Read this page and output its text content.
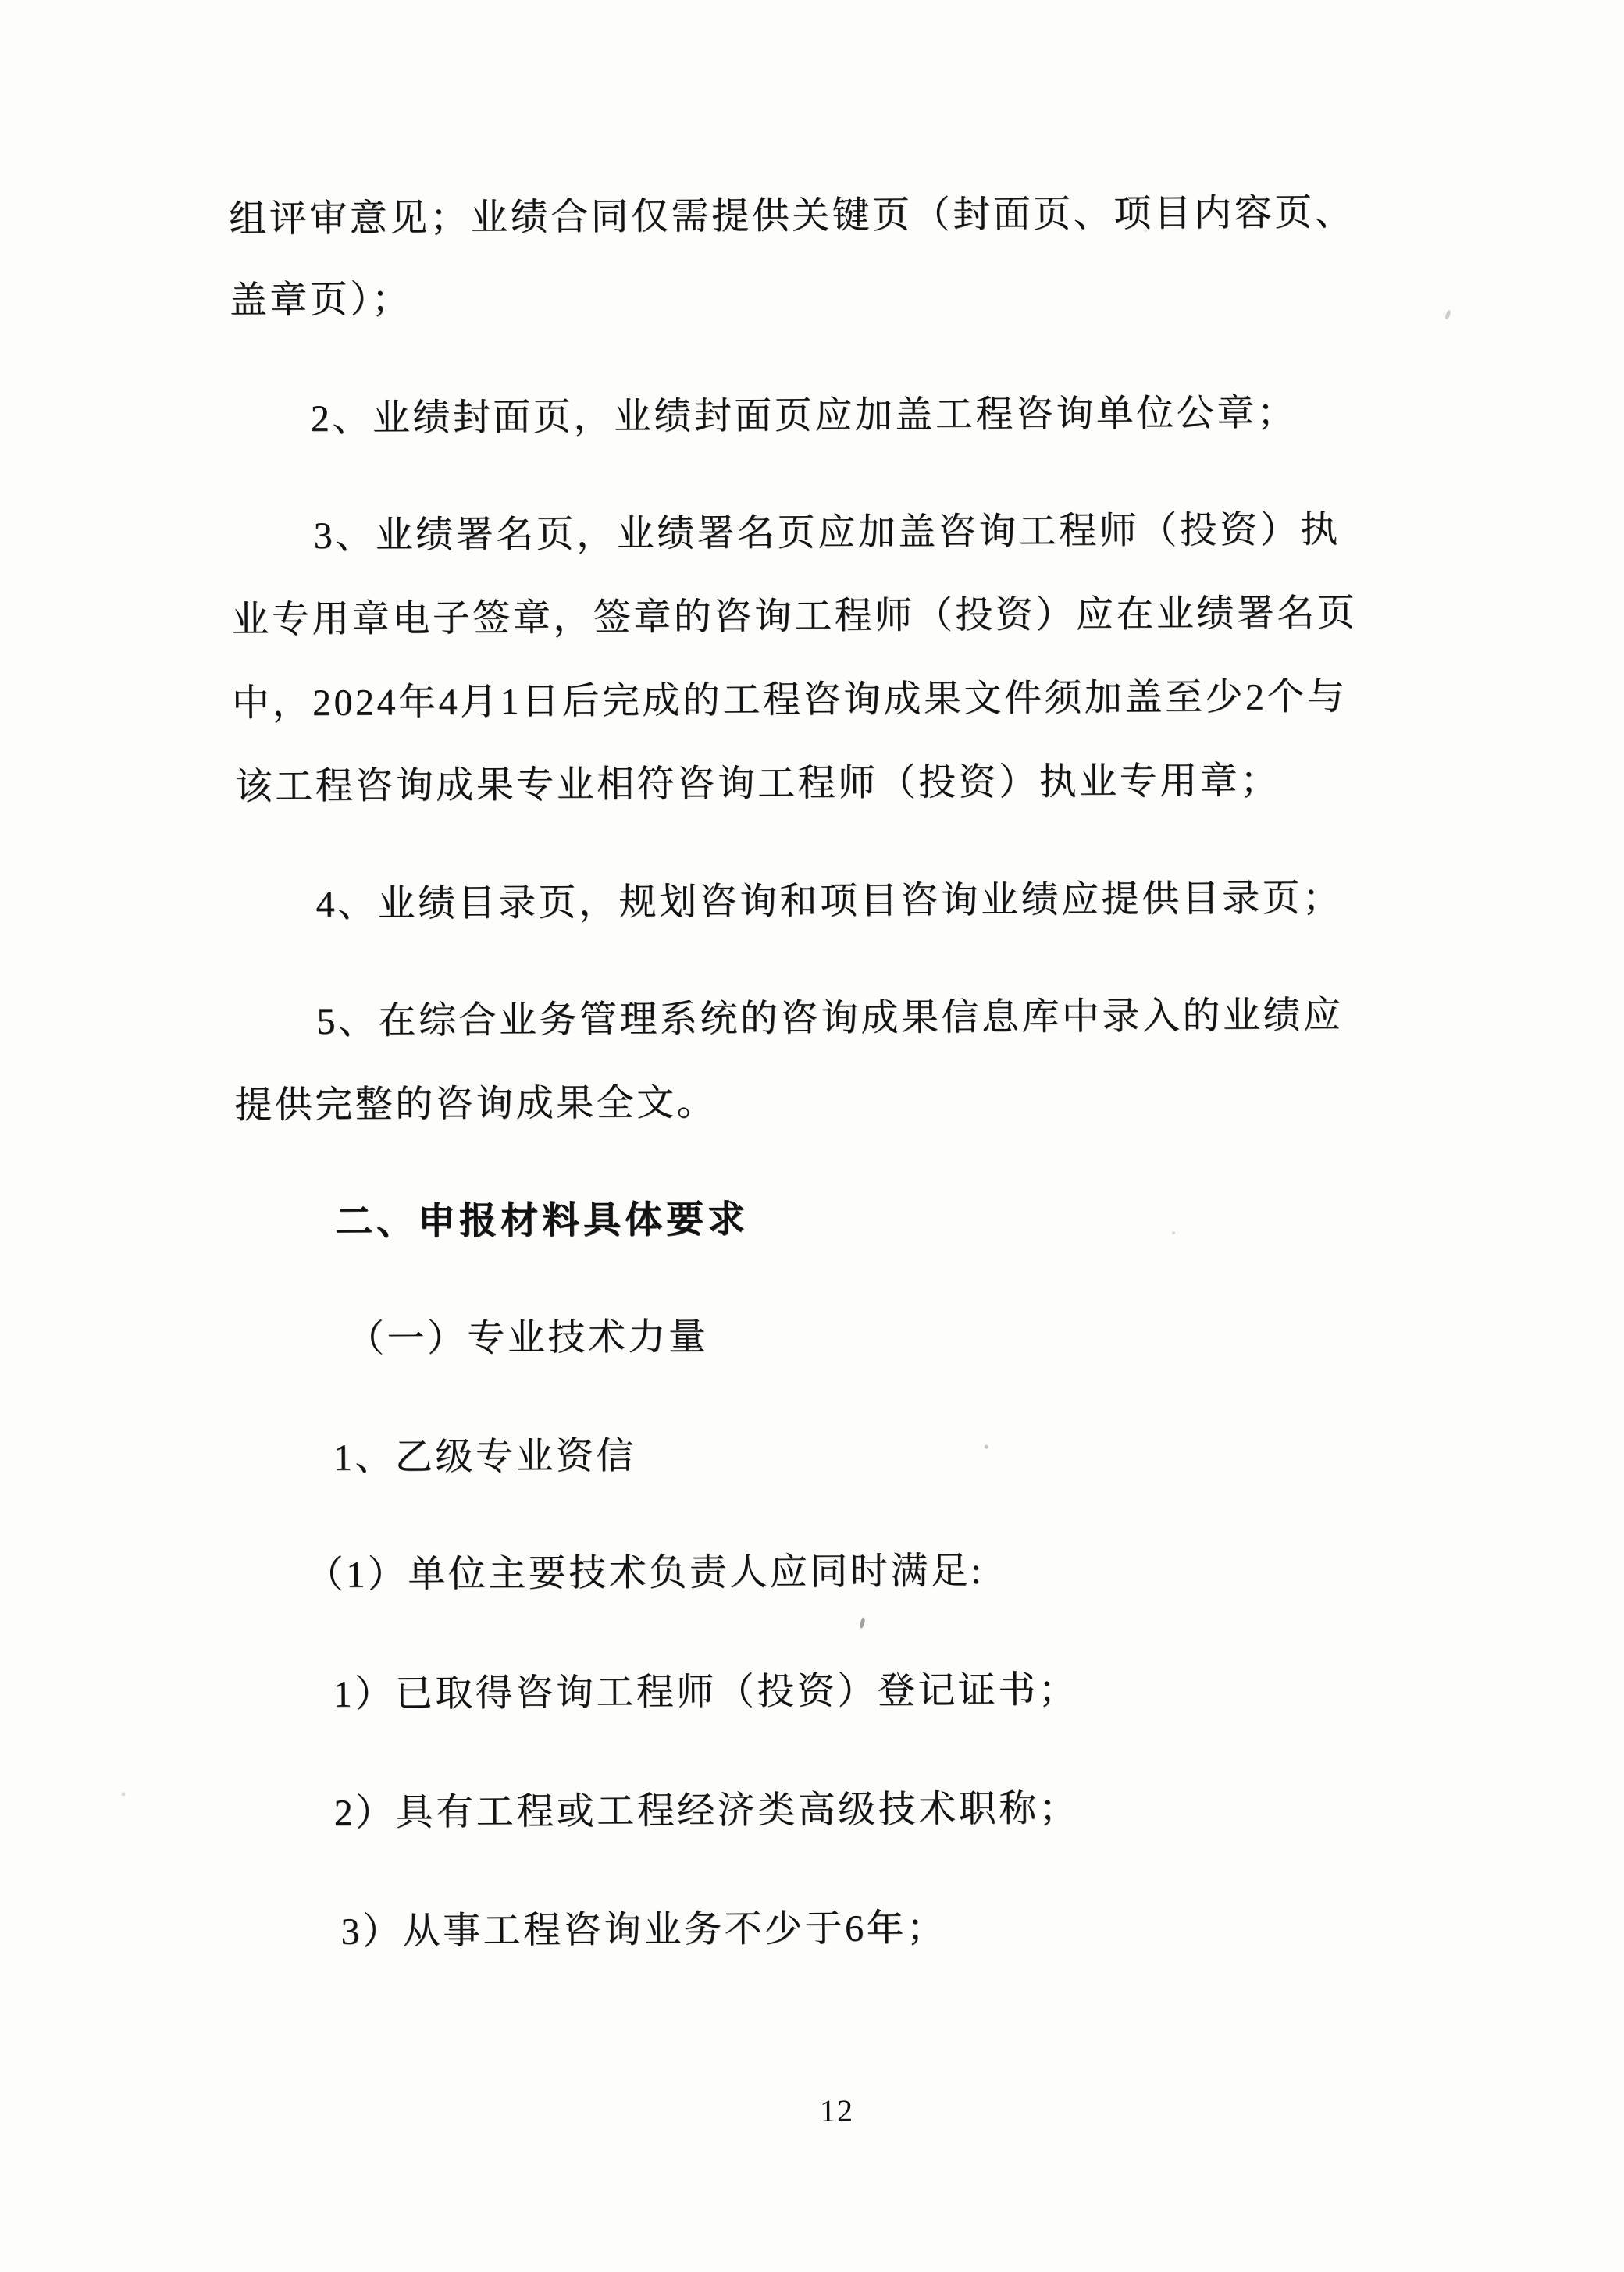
组评审意见；业绩合同仅需提供关键页（封面页、项目内容页、
盖章页）；
2、业绩封面页，业绩封面页应加盖工程咨询单位公章；
3、业绩署名页，业绩署名页应加盖咨询工程师（投资）执
业专用章电子签章，签章的咨询工程师（投资）应在业绩署名页
中，2024年4月1日后完成的工程咨询成果文件须加盖至少2个与
该工程咨询成果专业相符咨询工程师（投资）执业专用章；
4、业绩目录页，规划咨询和项目咨询业绩应提供目录页；
5、在综合业务管理系统的咨询成果信息库中录入的业绩应
提供完整的咨询成果全文。
二、申报材料具体要求
（一）专业技术力量
1、乙级专业资信
（1）单位主要技术负责人应同时满足:
1）已取得咨询工程师（投资）登记证书；
2）具有工程或工程经济类高级技术职称；
3）从事工程咨询业务不少于6年；
12
